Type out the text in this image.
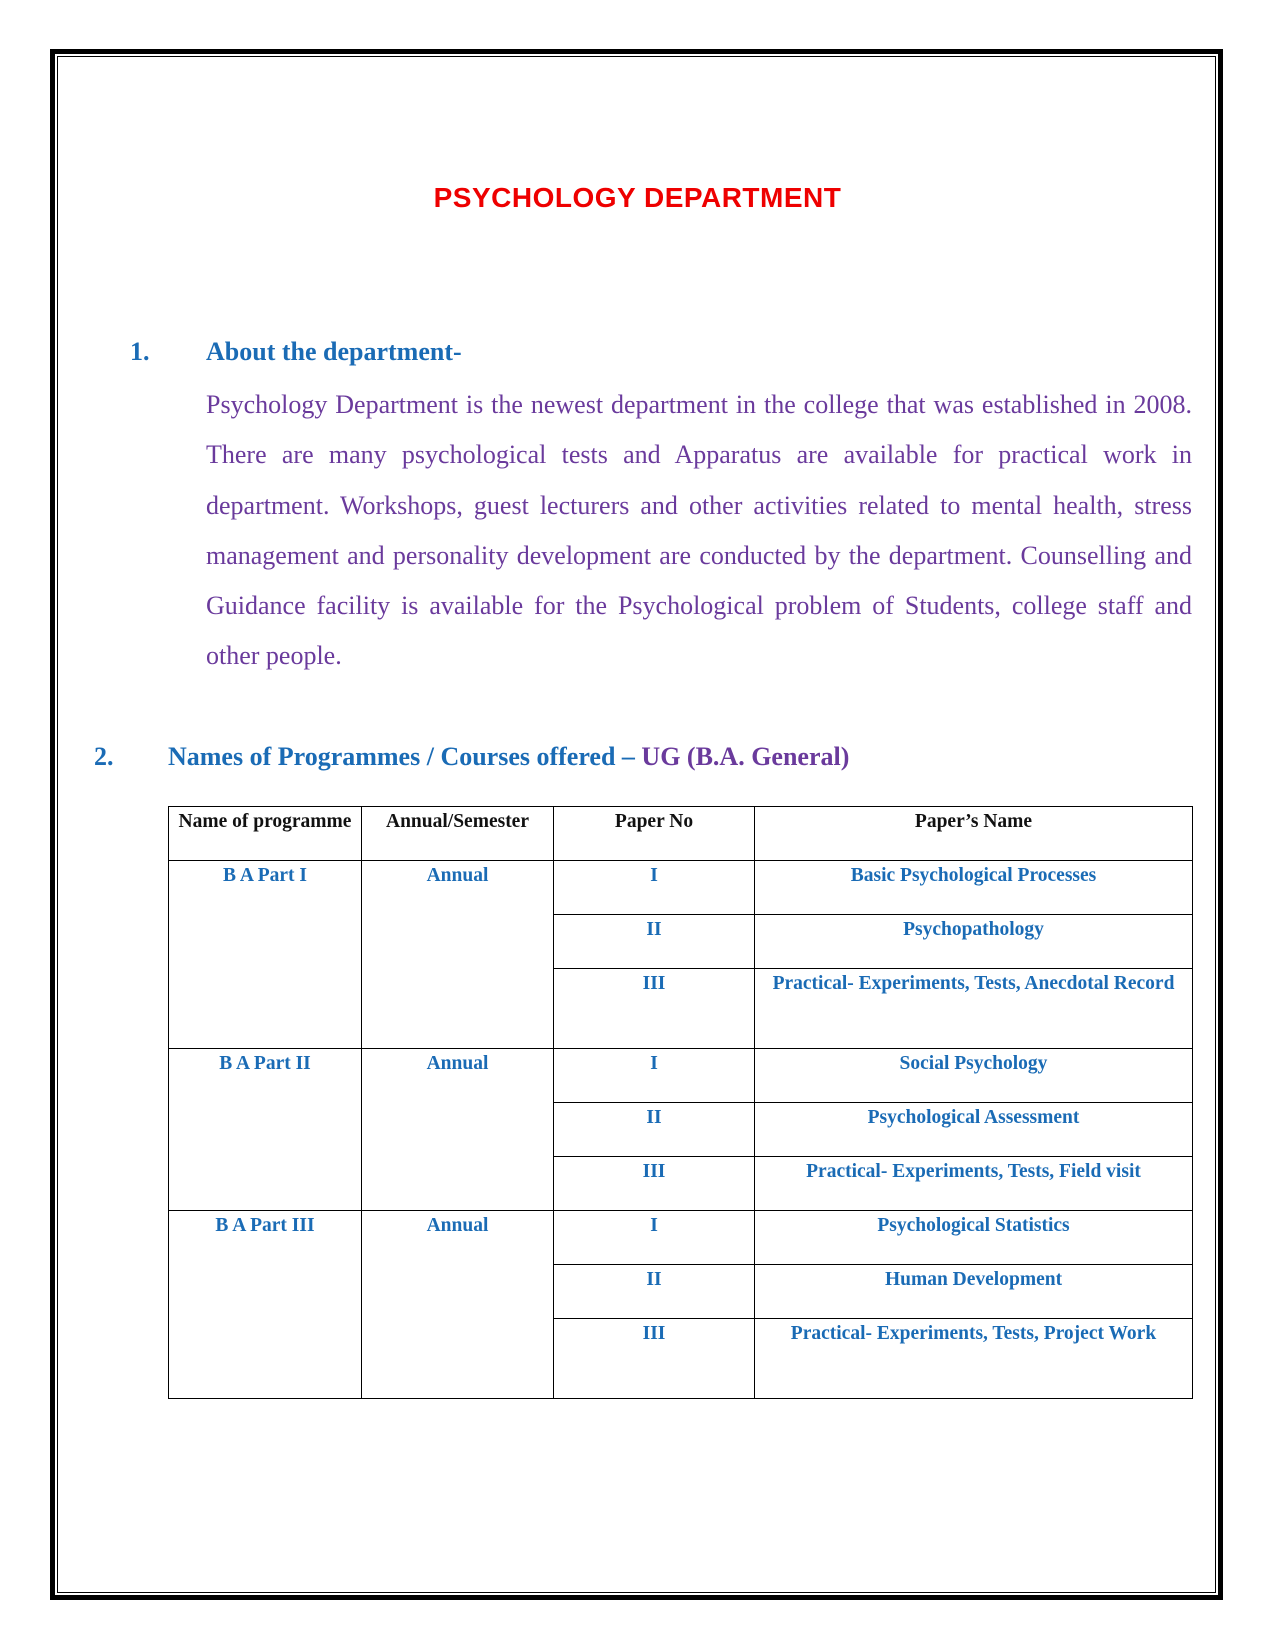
PSYCHOLOGY DEPARTMENT
1. About the department-

Psychology Department is the newest department in the college that was established in 2008. There are many psychological tests and Apparatus are available for practical work in department. Workshops, guest lecturers and other activities related to mental health, stress management and personality development are conducted by the department. Counselling and Guidance facility is available for the Psychological problem of Students, college staff and other people.

2. Names of Programmes / Courses offered – UG (B.A. General)
Name of programme	Annual/Semester	Paper No	Paper’s Name
B A Part I	Annual	I	Basic Psychological Processes
		II	Psychopathology
		III	Practical- Experiments, Tests, Anecdotal Record
B A Part II	Annual	I	Social Psychology
		II	Psychological Assessment
		III	Practical- Experiments, Tests, Field visit
B A Part III	Annual	I	Psychological Statistics
		II	Human Development
		III	Practical- Experiments, Tests, Project Work
